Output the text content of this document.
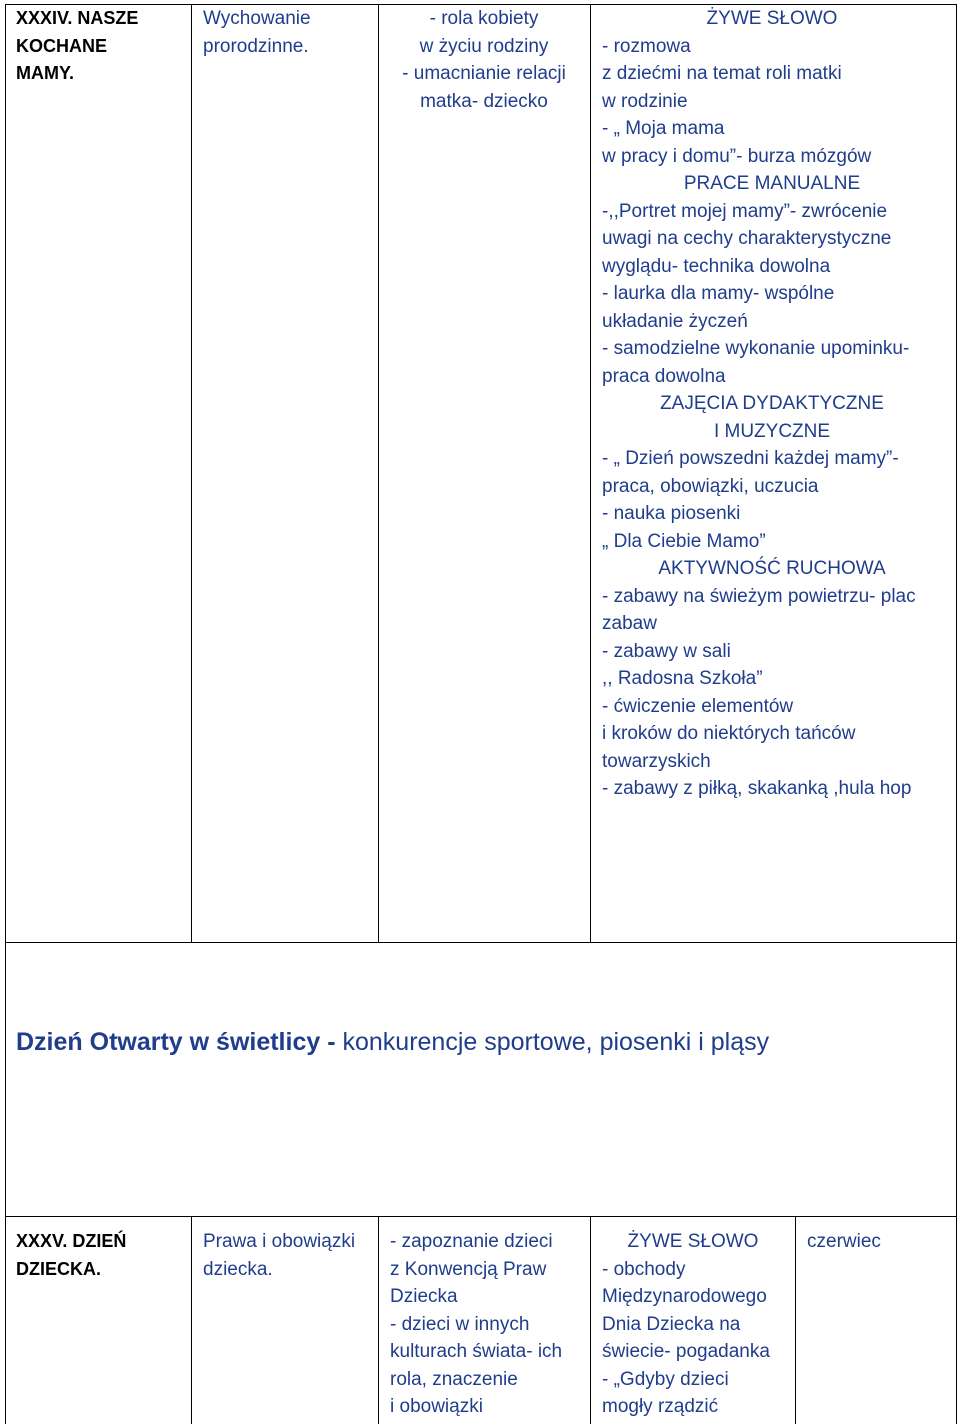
XXXIV. NASZE
KOCHANE
MAMY.
Wychowanie
prorodzinne.
- rola kobiety
w życiu rodziny
- umacnianie relacji
matka- dziecko
ŻYWE SŁOWO
- rozmowa
z dziećmi na temat roli matki
w rodzinie
- „ Moja mama
w pracy i domu”- burza mózgów
PRACE MANUALNE
-,,Portret mojej mamy”- zwrócenie
uwagi na cechy charakterystyczne
wyglądu- technika dowolna
- laurka dla mamy- wspólne
układanie życzeń
- samodzielne wykonanie upominku-
praca dowolna
ZAJĘCIA DYDAKTYCZNE
I MUZYCZNE
- „ Dzień powszedni każdej mamy”-
praca, obowiązki, uczucia
- nauka piosenki
„ Dla Ciebie Mamo”
AKTYWNOŚĆ RUCHOWA
- zabawy na świeżym powietrzu- plac
zabaw
- zabawy w sali
,, Radosna Szkoła”
- ćwiczenie elementów
i kroków do niektórych tańców
towarzyskich
- zabawy z piłką, skakanką ,hula hop
Dzień Otwarty w świetlicy - konkurencje sportowe, piosenki i pląsy
XXXV. DZIEŃ
DZIECKA.
Prawa i obowiązki
dziecka.
- zapoznanie dzieci
z Konwencją Praw
Dziecka
- dzieci w innych
kulturach świata- ich
rola, znaczenie
i obowiązki
ŻYWE SŁOWO
- obchody
Międzynarodowego
Dnia Dziecka na
świecie- pogadanka
- „Gdyby dzieci
mogły rządzić
czerwiec
